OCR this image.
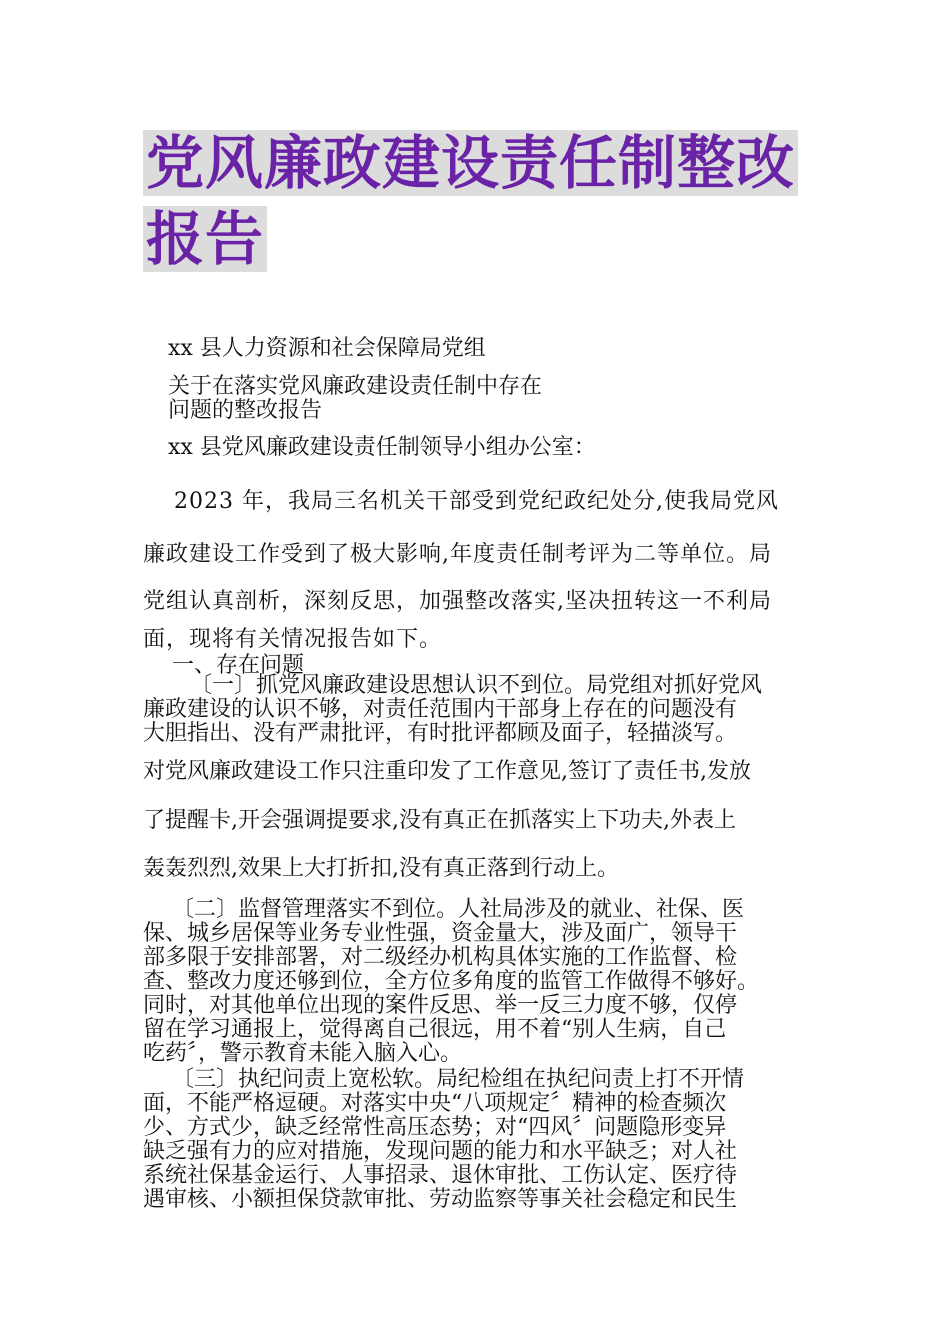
党风廉政建设责任制整改
报告
xx 县人力资源和社会保障局党组
关于在落实党风廉政建设责任制中存在
问题的整改报告
xx 县党风廉政建设责任制领导小组办公室：
2023 年，我局三名机关干部受到党纪政纪处分,使我局党风
廉政建设工作受到了极大影响,年度责任制考评为二等单位。局
党组认真剖析，深刻反思，加强整改落实,坚决扭转这一不利局
面，现将有关情况报告如下。
一、存在问题
〔一〕抓党风廉政建设思想认识不到位。局党组对抓好党风
廉政建设的认识不够，对责任范围内干部身上存在的问题没有
大胆指出、没有严肃批评，有时批评都顾及面子，轻描淡写。
对党风廉政建设工作只注重印发了工作意见,签订了责任书,发放
了提醒卡,开会强调提要求,没有真正在抓落实上下功夫,外表上
轰轰烈烈,效果上大打折扣,没有真正落到行动上。
〔二〕监督管理落实不到位。人社局涉及的就业、社保、医
保、城乡居保等业务专业性强，资金量大，涉及面广，领导干
部多限于安排部署，对二级经办机构具体实施的工作监督、检
查、整改力度还够到位，全方位多角度的监管工作做得不够好。
同时，对其他单位出现的案件反思、举一反三力度不够，仅停
留在学习通报上，觉得离自己很远，用不着“别人生病，自己
吃药〞，警示教育未能入脑入心。
〔三〕执纪问责上宽松软。局纪检组在执纪问责上打不开情
面，不能严格逗硬。对落实中央“八项规定〞精神的检查频次
少、方式少，缺乏经常性高压态势；对“四风〞问题隐形变异
缺乏强有力的应对措施，发现问题的能力和水平缺乏；对人社
系统社保基金运行、人事招录、退休审批、工伤认定、医疗待
遇审核、小额担保贷款审批、劳动监察等事关社会稳定和民生
